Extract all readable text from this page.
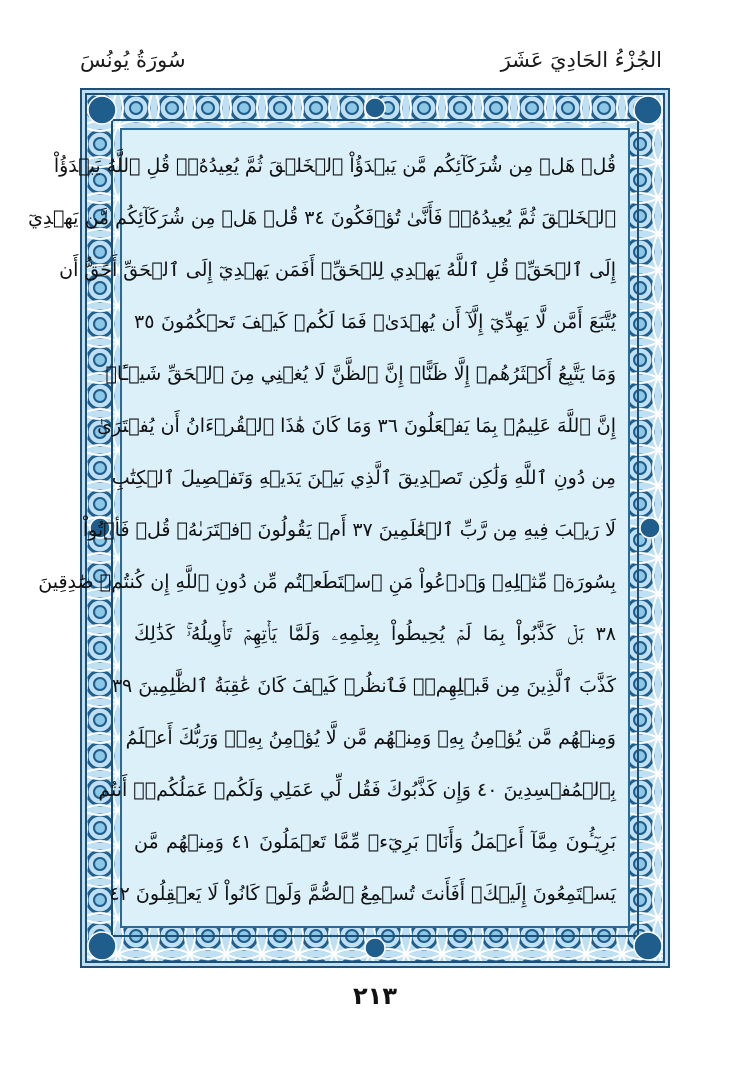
الجُزْءُ الحَادِيَ عَشَرَ
سُورَةُ يُونُسَ
قُلۡ هَلۡ مِن شُرَكَآئِكُم مَّن يَبۡدَؤُاْ ٱلۡخَلۡقَ ثُمَّ يُعِيدُهُۥۚ قُلِ ٱللَّهُ يَبۡدَؤُاْ
ٱلۡخَلۡقَ ثُمَّ يُعِيدُهُۥۖ فَأَنَّىٰ تُؤۡفَكُونَ ٣٤ قُلۡ هَلۡ مِن شُرَكَآئِكُم مَّن يَهۡدِيٓ
إِلَى ٱلۡحَقِّۚ قُلِ ٱللَّهُ يَهۡدِي لِلۡحَقِّۗ أَفَمَن يَهۡدِيٓ إِلَى ٱلۡحَقِّ أَحَقُّ أَن
يُتَّبَعَ أَمَّن لَّا يَهِدِّيٓ إِلَّآ أَن يُهۡدَىٰۖ فَمَا لَكُمۡ كَيۡفَ تَحۡكُمُونَ ٣٥
وَمَا يَتَّبِعُ أَكۡثَرُهُمۡ إِلَّا ظَنًّاۚ إِنَّ ٱلظَّنَّ لَا يُغۡنِي مِنَ ٱلۡحَقِّ شَيۡـًٔاۚ
إِنَّ ٱللَّهَ عَلِيمُۢ بِمَا يَفۡعَلُونَ ٣٦ وَمَا كَانَ هَٰذَا ٱلۡقُرۡءَانُ أَن يُفۡتَرَىٰ
مِن دُونِ ٱللَّهِ وَلَٰكِن تَصۡدِيقَ ٱلَّذِي بَيۡنَ يَدَيۡهِ وَتَفۡصِيلَ ٱلۡكِتَٰبِ
لَا رَيۡبَ فِيهِ مِن رَّبِّ ٱلۡعَٰلَمِينَ ٣٧ أَمۡ يَقُولُونَ ٱفۡتَرَىٰهُۖ قُلۡ فَأۡتُواْ
بِسُورَةٖ مِّثۡلِهِۦ وَٱدۡعُواْ مَنِ ٱسۡتَطَعۡتُم مِّن دُونِ ٱللَّهِ إِن كُنتُمۡ صَٰدِقِينَ
٣٨ بَلۡ كَذَّبُواْ بِمَا لَمۡ يُحِيطُواْ بِعِلۡمِهِۦ وَلَمَّا يَأۡتِهِمۡ تَأۡوِيلُهُۥۚ كَذَٰلِكَ
كَذَّبَ ٱلَّذِينَ مِن قَبۡلِهِمۡۖ فَٱنظُرۡ كَيۡفَ كَانَ عَٰقِبَةُ ٱلظَّٰلِمِينَ ٣٩
وَمِنۡهُم مَّن يُؤۡمِنُ بِهِۦ وَمِنۡهُم مَّن لَّا يُؤۡمِنُ بِهِۦۚ وَرَبُّكَ أَعۡلَمُ
بِٱلۡمُفۡسِدِينَ ٤٠ وَإِن كَذَّبُوكَ فَقُل لِّي عَمَلِي وَلَكُمۡ عَمَلُكُمۡۖ أَنتُم
بَرِيٓـُٔونَ مِمَّآ أَعۡمَلُ وَأَنَا۠ بَرِيٓءٞ مِّمَّا تَعۡمَلُونَ ٤١ وَمِنۡهُم مَّن
يَسۡتَمِعُونَ إِلَيۡكَۚ أَفَأَنتَ تُسۡمِعُ ٱلصُّمَّ وَلَوۡ كَانُواْ لَا يَعۡقِلُونَ ٤٢
٢١٣
